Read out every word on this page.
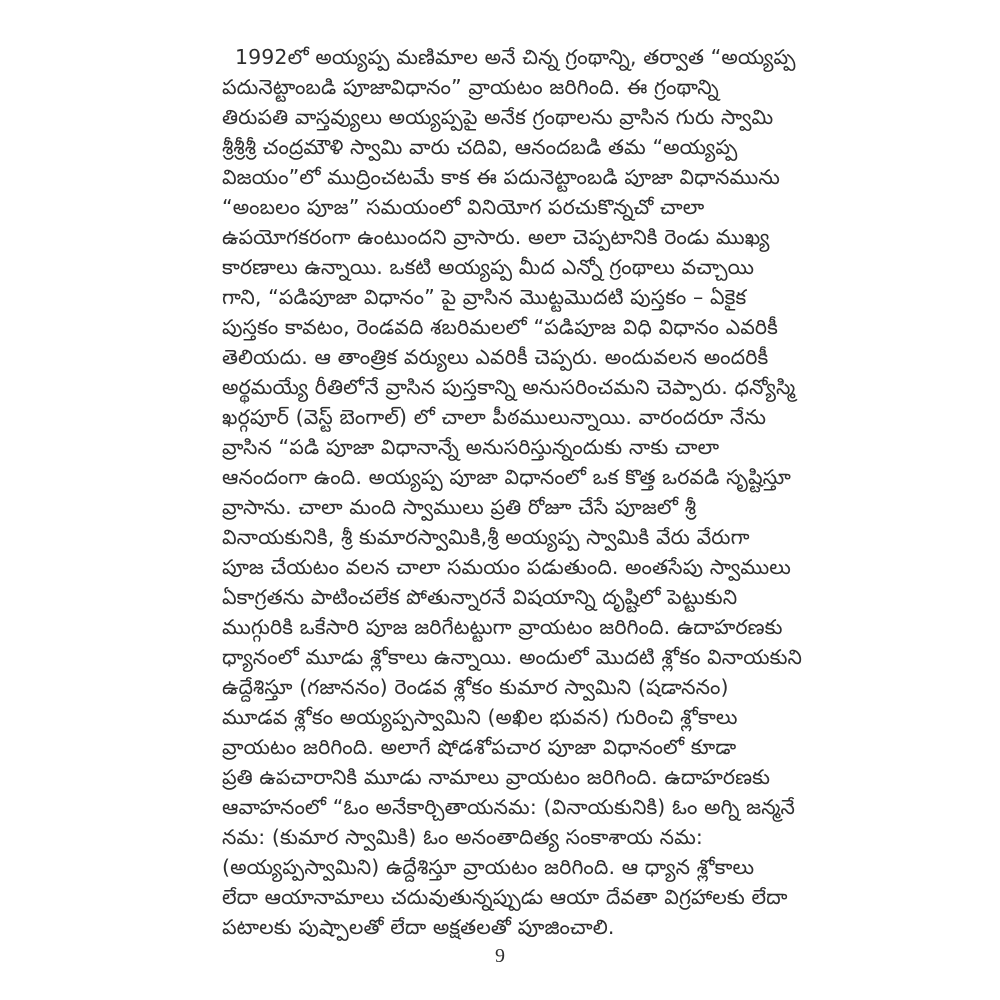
1992లో అయ్యప్ప మణిమాల అనే చిన్న గ్రంథాన్ని, తర్వాత “అయ్యప్ప
పదునెట్టాంబడి పూజావిధానం” వ్రాయటం జరిగింది. ఈ గ్రంథాన్ని
తిరుపతి వాస్తవ్యులు అయ్యప్పపై అనేక గ్రంథాలను వ్రాసిన గురు స్వామి
శ్రీశ్రీశ్రీ చంద్రమౌళి స్వామి వారు చదివి, ఆనందబడి తమ “అయ్యప్ప
విజయం”లో ముద్రించటమే కాక ఈ పదునెట్టాంబడి పూజా విధానమును
“అంబలం పూజ” సమయంలో వినియోగ పరచుకొన్నచో చాలా
ఉపయోగకరంగా ఉంటుందని వ్రాసారు. అలా చెప్పటానికి రెండు ముఖ్య
కారణాలు ఉన్నాయి. ఒకటి అయ్యప్ప మీద ఎన్నో గ్రంథాలు వచ్చాయి
గాని, “పడిపూజా విధానం” పై వ్రాసిన మొట్టమొదటి పుస్తకం – ఏకైక
పుస్తకం కావటం, రెండవది శబరిమలలో “పడిపూజ విధి విధానం ఎవరికీ
తెలియదు. ఆ తాంత్రిక వర్యులు ఎవరికీ చెప్పరు. అందువలన అందరికీ
అర్థమయ్యే రీతిలోనే వ్రాసిన పుస్తకాన్ని అనుసరించమని చెప్పారు. ధన్యోస్మి
ఖర్గపూర్ (వెస్ట్ బెంగాల్) లో చాలా పీఠములున్నాయి. వారందరూ నేను
వ్రాసిన “పడి పూజా విధానాన్నే అనుసరిస్తున్నందుకు నాకు చాలా
ఆనందంగా ఉంది. అయ్యప్ప పూజా విధానంలో ఒక కొత్త ఒరవడి సృష్టిస్తూ
వ్రాసాను. చాలా మంది స్వాములు ప్రతి రోజూ చేసే పూజలో శ్రీ
వినాయకునికి, శ్రీ కుమారస్వామికి,శ్రీ అయ్యప్ప స్వామికి వేరు వేరుగా
పూజ చేయటం వలన చాలా సమయం పడుతుంది. అంతసేపు స్వాములు
ఏకాగ్రతను పాటించలేక పోతున్నారనే విషయాన్ని దృష్టిలో పెట్టుకుని
ముగ్గురికి ఒకేసారి పూజ జరిగేటట్టుగా వ్రాయటం జరిగింది. ఉదాహరణకు
ధ్యానంలో మూడు శ్లోకాలు ఉన్నాయి. అందులో మొదటి శ్లోకం వినాయకుని
ఉద్దేశిస్తూ (గజాననం) రెండవ శ్లోకం కుమార స్వామిని (షడాననం)
మూడవ శ్లోకం అయ్యప్పస్వామిని (అఖిల భువన) గురించి శ్లోకాలు
వ్రాయటం జరిగింది. అలాగే షోడశోపచార పూజా విధానంలో కూడా
ప్రతి ఉపచారానికి మూడు నామాలు వ్రాయటం జరిగింది. ఉదాహరణకు
ఆవాహనంలో “ఓం అనేకార్చితాయనమ: (వినాయకునికి) ఓం అగ్ని జన్మనే
నమ: (కుమార స్వామికి) ఓం అనంతాదిత్య సంకాశాయ నమ:
(అయ్యప్పస్వామిని) ఉద్దేశిస్తూ వ్రాయటం జరిగింది. ఆ ధ్యాన శ్లోకాలు
లేదా ఆయానామాలు చదువుతున్నప్పుడు ఆయా దేవతా విగ్రహాలకు లేదా
పటాలకు పుష్పాలతో లేదా అక్షతలతో పూజించాలి.
9
